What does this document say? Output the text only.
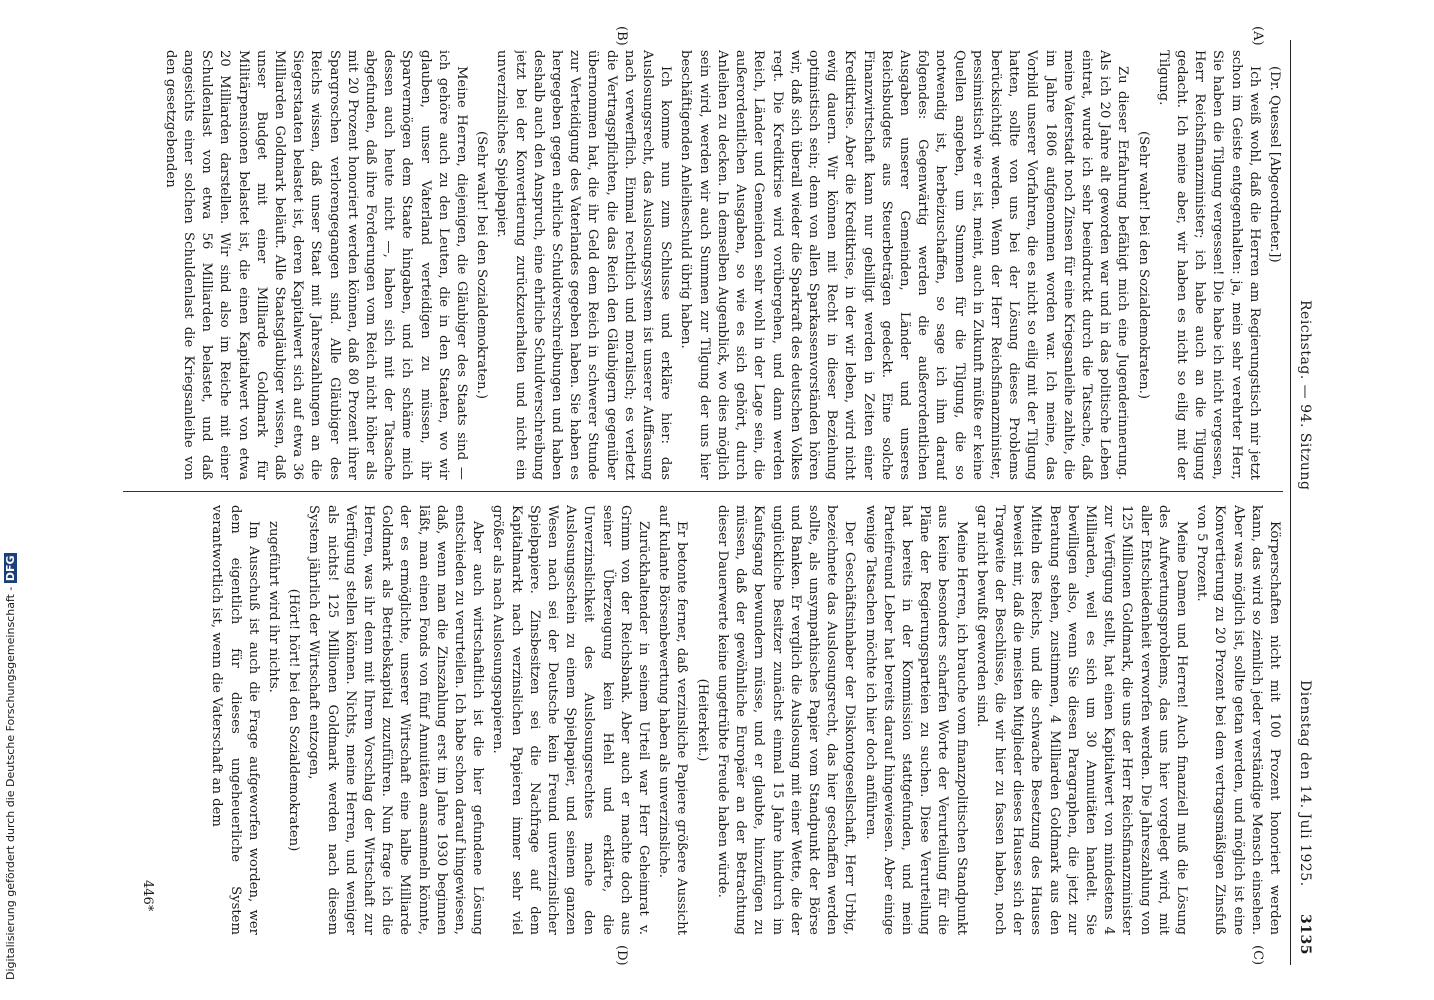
Reichstag. — 94. Sitzung
Dienstag den 14. Juli 1925.
3135

(Dr. Quessel [Abgeordneter.])

Ich weiß wohl, daß die Herren am Regierungstisch mir jetzt schon im Geiste entgegenhalten: ja, mein sehr verehrter Herr, Sie haben die Tilgung vergessen! Die habe ich nicht vergessen, Herr Reichsfinanzminister; ich habe auch an die Tilgung gedacht. Ich meine aber, wir haben es nicht so eilig mit der Tilgung.

(Sehr wahr! bei den Sozialdemokraten.)

Zu dieser Erfahrung befähigt mich eine Jugenderinnerung. Als ich 20 Jahre alt geworden war und in das politische Leben eintrat, wurde ich sehr beeindruckt durch die Tatsache, daß meine Vaterstadt noch Zinsen für eine Kriegsanleihe zahlte, die im Jahre 1806 aufgenommen worden war. Ich meine, das Vorbild unserer Vorfahren, die es nicht so eilig mit der Tilgung hatten, sollte von uns bei der Lösung dieses Problems berücksichtigt werden. Wenn der Herr Reichsfinanzminister, pessimistisch wie er ist, meint, auch in Zukunft müßte er keine Quellen angeben, um Summen für die Tilgung, die so notwendig ist, herbeizuschaffen, so sage ich ihm darauf folgendes: Gegenwärtig werden die außerordentlichen Ausgaben unserer Gemeinden, Länder und unseres Reichsbudgets aus Steuerbeträgen gedeckt. Eine solche Finanzwirtschaft kann nur gebilligt werden in Zeiten einer Kreditkrise. Aber die Kreditkrise, in der wir leben, wird nicht ewig dauern. Wir können mit Recht in dieser Beziehung optimistisch sein; denn von allen Sparkassenvorständen hören wir, daß sich überall wieder die Sparkraft des deutschen Volkes regt. Die Kreditkrise wird vorübergehen, und dann werden Reich, Länder und Gemeinden sehr wohl in der Lage sein, die außerordentlichen Ausgaben, so wie es sich gehört, durch Anleihen zu decken. In demselben Augenblick, wo dies möglich sein wird, werden wir auch Summen zur Tilgung der uns hier beschäftigenden Anleiheschuld übrig haben.

Ich komme nun zum Schlusse und erkläre hier: das Auslosungsrecht, das Auslosungssystem ist unserer Auffassung nach verwerflich. Einmal rechtlich und moralisch; es verletzt die Vertragspflichten, die das Reich den Gläubigern gegenüber übernommen hat, die ihr Geld dem Reich in schwerer Stunde zur Verteidigung des Vaterlandes gegeben haben. Sie haben es hergegeben gegen ehrliche Schuldverschreibungen und haben deshalb auch den Anspruch, eine ehrliche Schuldverschreibung jetzt bei der Konvertierung zurückzuerhalten und nicht ein unverzinsliches Spielpapier.

(Sehr wahr! bei den Sozialdemokraten.)

Meine Herren, diejenigen, die Gläubiger des Staats sind — ich gehöre auch zu den Leuten, die in den Staaten, wo wir glauben, unser Vaterland verteidigen zu müssen, ihr Sparvermögen dem Staate hingaben, und ich schäme mich dessen auch heute nicht —, haben sich mit der Tatsache abgefunden, daß ihre Forderungen vom Reich nicht höher als mit 20 Prozent honoriert werden können, daß 80 Prozent ihrer Spargroschen verlorengegangen sind. Alle Gläubiger des Reichs wissen, daß unser Staat mit Jahreszahlungen an die Siegerstaaten belastet ist, deren Kapitalwert sich auf etwa 36 Milliarden Goldmark beläuft. Alle Staatsgläubiger wissen, daß unser Budget mit einer Milliarde Goldmark für Militärpensionen belastet ist, die einen Kapitalwert von etwa 20 Milliarden darstellen. Wir sind also im Reiche mit einer Schuldenlast von etwa 56 Milliarden belastet, und daß angesichts einer solchen Schuldenlast die Kriegsanleihe von den gesetzgebenden

Körperschaften nicht mit 100 Prozent honoriert werden kann, das wird so ziemlich jeder verständige Mensch einsehen. Aber was möglich ist, sollte getan werden, und möglich ist eine Konvertierung zu 20 Prozent bei dem vertragsmäßigen Zinsfuß von 5 Prozent.

Meine Damen und Herren! Auch finanziell muß die Lösung des Aufwertungsproblems, das uns hier vorgelegt wird, mit aller Entschiedenheit verworfen werden. Die Jahreszahlung von 125 Millionen Goldmark, die uns der Herr Reichsfinanzminister zur Verfügung stellt, hat einen Kapitalwert von mindestens 4 Milliarden, weil es sich um 30 Annuitäten handelt. Sie bewilligen also, wenn Sie diesen Paragraphen, die jetzt zur Beratung stehen, zustimmen, 4 Milliarden Goldmark aus den Mitteln des Reichs, und die schwache Besetzung des Hauses beweist mir, daß die meisten Mitglieder dieses Hauses sich der Tragweite der Beschlüsse, die wir hier zu fassen haben, noch gar nicht bewußt geworden sind.

Meine Herren, ich brauche vom finanzpolitischen Standpunkt aus keine besonders scharfen Worte der Verurteilung für die Pläne der Regierungsparteien zu suchen. Diese Verurteilung hat bereits in der Kommission stattgefunden, und mein Parteifreund Leber hat bereits darauf hingewiesen. Aber einige wenige Tatsachen möchte ich hier doch anführen.

Der Geschäftsinhaber der Diskontogesellschaft, Herr Urbig, bezeichnete das Auslosungsrecht, das hier geschaffen werden sollte, als unsympathisches Papier vom Standpunkt der Börse und Banken. Er verglich die Auslosung mit einer Wette, die der unglückliche Besitzer zunächst einmal 15 Jahre hindurch im Kaufsgang bewundern müsse, und er glaubte, hinzufügen zu müssen, daß der gewöhnliche Europäer an der Betrachtung dieser Dauerwerte keine ungetrübte Freude haben würde.

(Heiterkeit.)

Er betonte ferner, daß verzinsliche Papiere größere Aussicht auf kulante Börsenbewertung haben als unverzinsliche.

Zurückhaltender in seinem Urteil war Herr Geheimrat v. Grimm von der Reichsbank. Aber auch er machte doch aus seiner Überzeugung kein Hehl und erklärte, die Unverzinslichkeit des Auslosungsrechtes mache den Auslosungsschein zu einem Spielpapier, und seinem ganzen Wesen nach sei der Deutsche kein Freund unverzinslicher Spielpapiere. Zinsbesitzen sei die Nachfrage auf dem Kapitalmarkt nach verzinslichen Papieren immer sehr viel größer als nach Auslosungspapieren.

Aber auch wirtschaftlich ist die hier gefundene Lösung entschieden zu verurteilen. Ich habe schon darauf hingewiesen, daß, wenn man die Zinszahlung erst im Jahre 1930 beginnen läßt, man einen Fonds von fünf Annuitäten ansammeln könnte, der es ermöglichte, unserer Wirtschaft eine halbe Milliarde Goldmark als Betriebskapital zuzuführen. Nun frage ich die Herren, was ihr denn mit Ihrem Vorschlag der Wirtschaft zur Verfügung stellen können. Nichts, meine Herren, und weniger als nichts! 125 Millionen Goldmark werden nach diesem System jährlich der Wirtschaft entzogen,

(Hört! hört! bei den Sozialdemokraten)

zugeführt wird ihr nichts.

Im Ausschuß ist auch die Frage aufgeworfen worden, wer dem eigentlich für dieses ungeheuerliche System verantwortlich ist, wenn die Vaterschaft an dem

(A)
(B)
(C)
(D)
446*
Digitalisierung gefördert durch die Deutsche Forschungsgemeinschaft - DFG
